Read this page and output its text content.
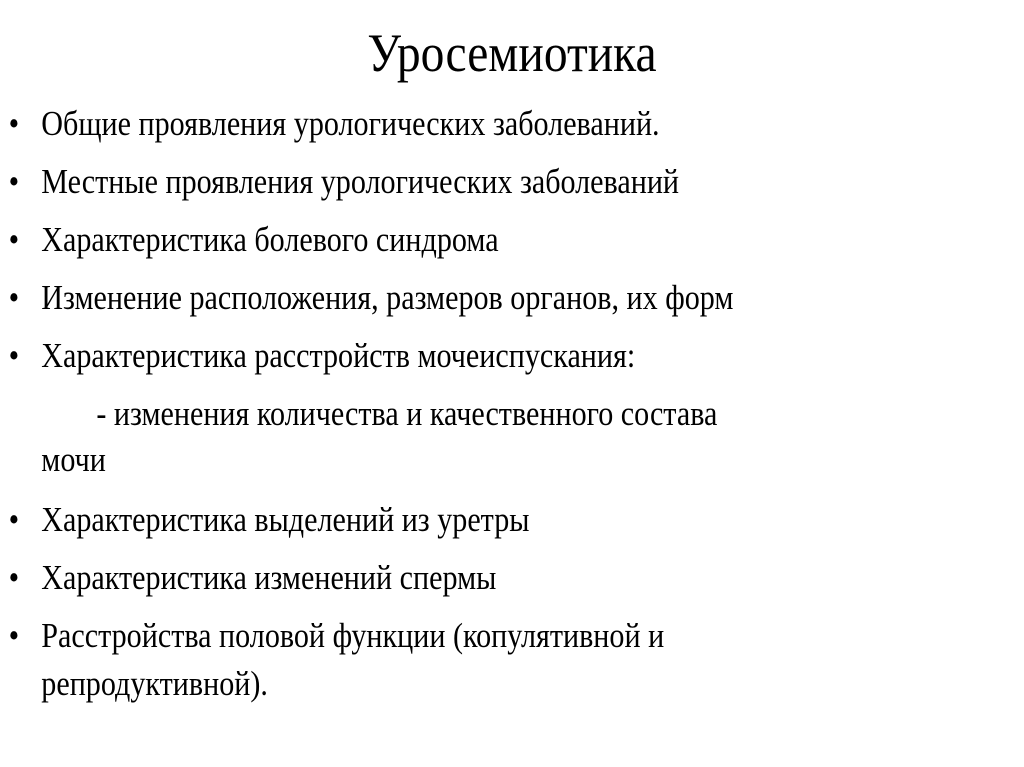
Уросемиотика
• Общие проявления урологических заболеваний.
• Местные проявления урологических заболеваний
• Характеристика болевого синдрома
• Изменение расположения, размеров органов, их форм
• Характеристика расстройств мочеиспускания:
- изменения количества и качественного состава
мочи
• Характеристика выделений из уретры
• Характеристика изменений спермы
• Расстройства половой функции (копулятивной и
репродуктивной).
